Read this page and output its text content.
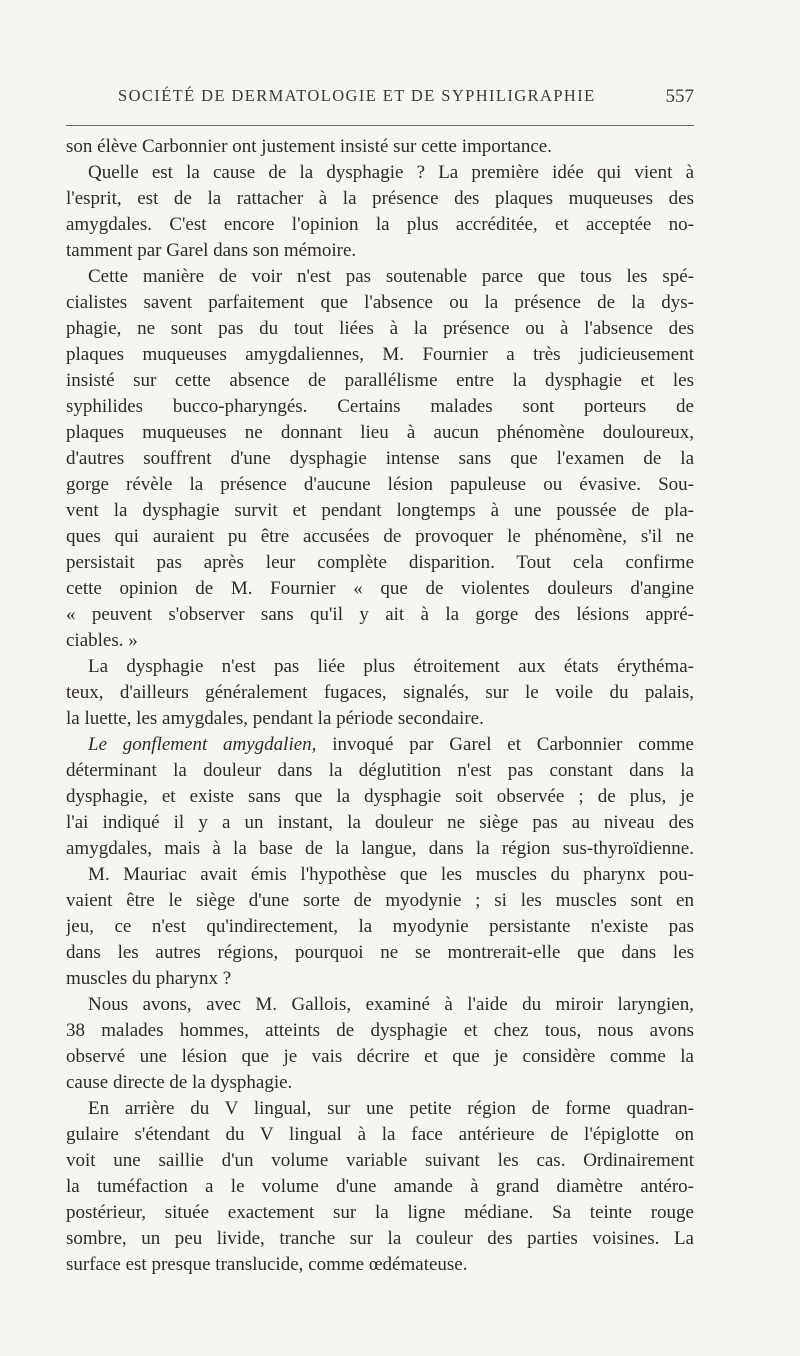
SOCIÉTÉ DE DERMATOLOGIE ET DE SYPHILIGRAPHIE	557
son élève Carbonnier ont justement insisté sur cette importance.
Quelle est la cause de la dysphagie ? La première idée qui vient à
l'esprit, est de la rattacher à la présence des plaques muqueuses des
amygdales. C'est encore l'opinion la plus accréditée, et acceptée no-
tamment par Garel dans son mémoire.
Cette manière de voir n'est pas soutenable parce que tous les spé-
cialistes savent parfaitement que l'absence ou la présence de la dys-
phagie, ne sont pas du tout liées à la présence ou à l'absence des
plaques muqueuses amygdaliennes, M. Fournier a très judicieusement
insisté sur cette absence de parallélisme entre la dysphagie et les
syphilides bucco-pharyngés. Certains malades sont porteurs de
plaques muqueuses ne donnant lieu à aucun phénomène douloureux,
d'autres souffrent d'une dysphagie intense sans que l'examen de la
gorge révèle la présence d'aucune lésion papuleuse ou évasive. Sou-
vent la dysphagie survit et pendant longtemps à une poussée de pla-
ques qui auraient pu être accusées de provoquer le phénomène, s'il ne
persistait pas après leur complète disparition. Tout cela confirme
cette opinion de M. Fournier « que de violentes douleurs d'angine
« peuvent s'observer sans qu'il y ait à la gorge des lésions appré-
ciables. »
La dysphagie n'est pas liée plus étroitement aux états érythéma-
teux, d'ailleurs généralement fugaces, signalés, sur le voile du palais,
la luette, les amygdales, pendant la période secondaire.
Le gonflement amygdalien, invoqué par Garel et Carbonnier comme
déterminant la douleur dans la déglutition n'est pas constant dans la
dysphagie, et existe sans que la dysphagie soit observée ; de plus, je
l'ai indiqué il y a un instant, la douleur ne siège pas au niveau des
amygdales, mais à la base de la langue, dans la région sus-thyroïdienne.
M. Mauriac avait émis l'hypothèse que les muscles du pharynx pou-
vaient être le siège d'une sorte de myodynie ; si les muscles sont en
jeu, ce n'est qu'indirectement, la myodynie persistante n'existe pas
dans les autres régions, pourquoi ne se montrerait-elle que dans les
muscles du pharynx ?
Nous avons, avec M. Gallois, examiné à l'aide du miroir laryngien,
38 malades hommes, atteints de dysphagie et chez tous, nous avons
observé une lésion que je vais décrire et que je considère comme la
cause directe de la dysphagie.
En arrière du V lingual, sur une petite région de forme quadran-
gulaire s'étendant du V lingual à la face antérieure de l'épiglotte on
voit une saillie d'un volume variable suivant les cas. Ordinairement
la tuméfaction a le volume d'une amande à grand diamètre antéro-
postérieur, située exactement sur la ligne médiane. Sa teinte rouge
sombre, un peu livide, tranche sur la couleur des parties voisines. La
surface est presque translucide, comme œdémateuse.
